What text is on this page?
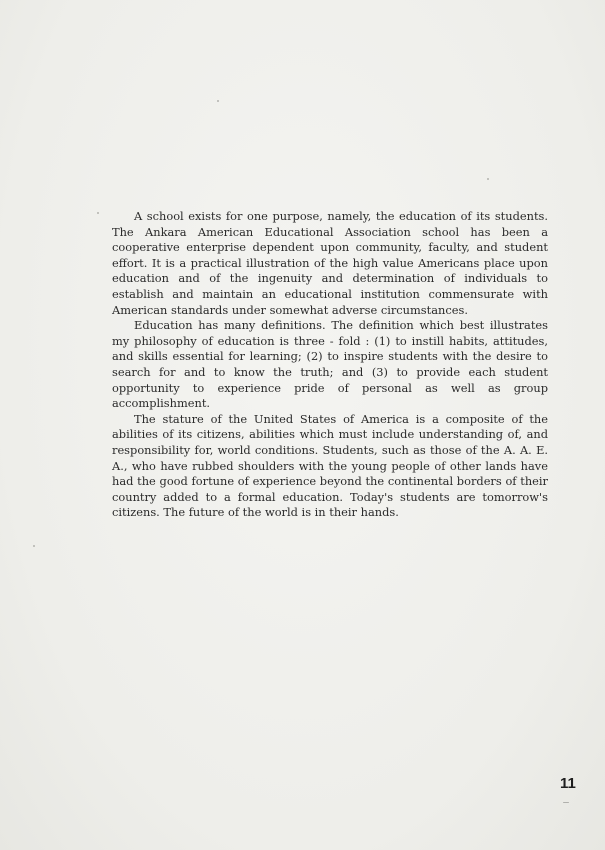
A school exists for one purpose, namely, the education of its students. The Ankara American Educational Association school has been a cooperative enterprise dependent upon community, faculty, and student effort. It is a practical illustration of the high value Americans place upon education and of the ingenuity and determination of individuals to establish and maintain an educational institution commensurate with American standards under somewhat adverse circumstances.

Education has many definitions. The definition which best illustrates my philosophy of education is three - fold : (1) to instill habits, attitudes, and skills essential for learning; (2) to inspire students with the desire to search for and to know the truth; and (3) to provide each student opportunity to experience pride of personal as well as group accomplishment.

The stature of the United States of America is a composite of the abilities of its citizens, abilities which must include understanding of, and responsibility for, world conditions. Students, such as those of the A. A. E. A., who have rubbed shoulders with the young people of other lands have had the good fortune of experience beyond the continental borders of their country added to a formal education. Today's students are tomorrow's citizens. The future of the world is in their hands.

11
